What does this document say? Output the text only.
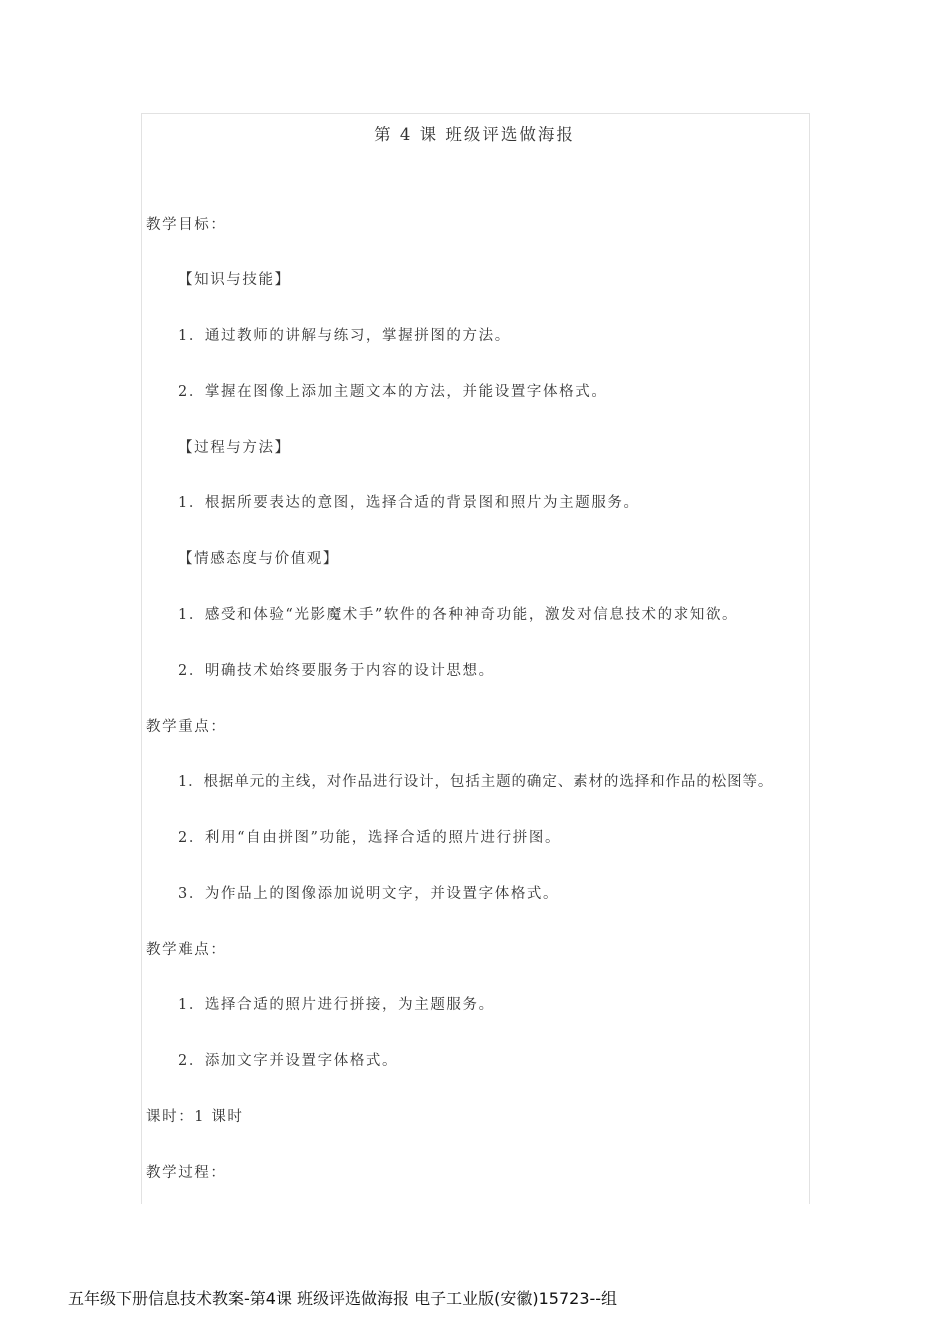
第 4 课 班级评选做海报
教学目标：
【知识与技能】
1．通过教师的讲解与练习，掌握拼图的方法。
2．掌握在图像上添加主题文本的方法，并能设置字体格式。
【过程与方法】
1．根据所要表达的意图，选择合适的背景图和照片为主题服务。
【情感态度与价值观】
1．感受和体验“光影魔术手”软件的各种神奇功能，激发对信息技术的求知欲。
2．明确技术始终要服务于内容的设计思想。
教学重点：
1．根据单元的主线，对作品进行设计，包括主题的确定、素材的选择和作品的松图等。
2．利用“自由拼图”功能，选择合适的照片进行拼图。
3．为作品上的图像添加说明文字，并设置字体格式。
教学难点：
1．选择合适的照片进行拼接，为主题服务。
2．添加文字并设置字体格式。
课时：1 课时
教学过程：
五年级下册信息技术教案-第4课 班级评选做海报 电子工业版(安徽)15723--组
